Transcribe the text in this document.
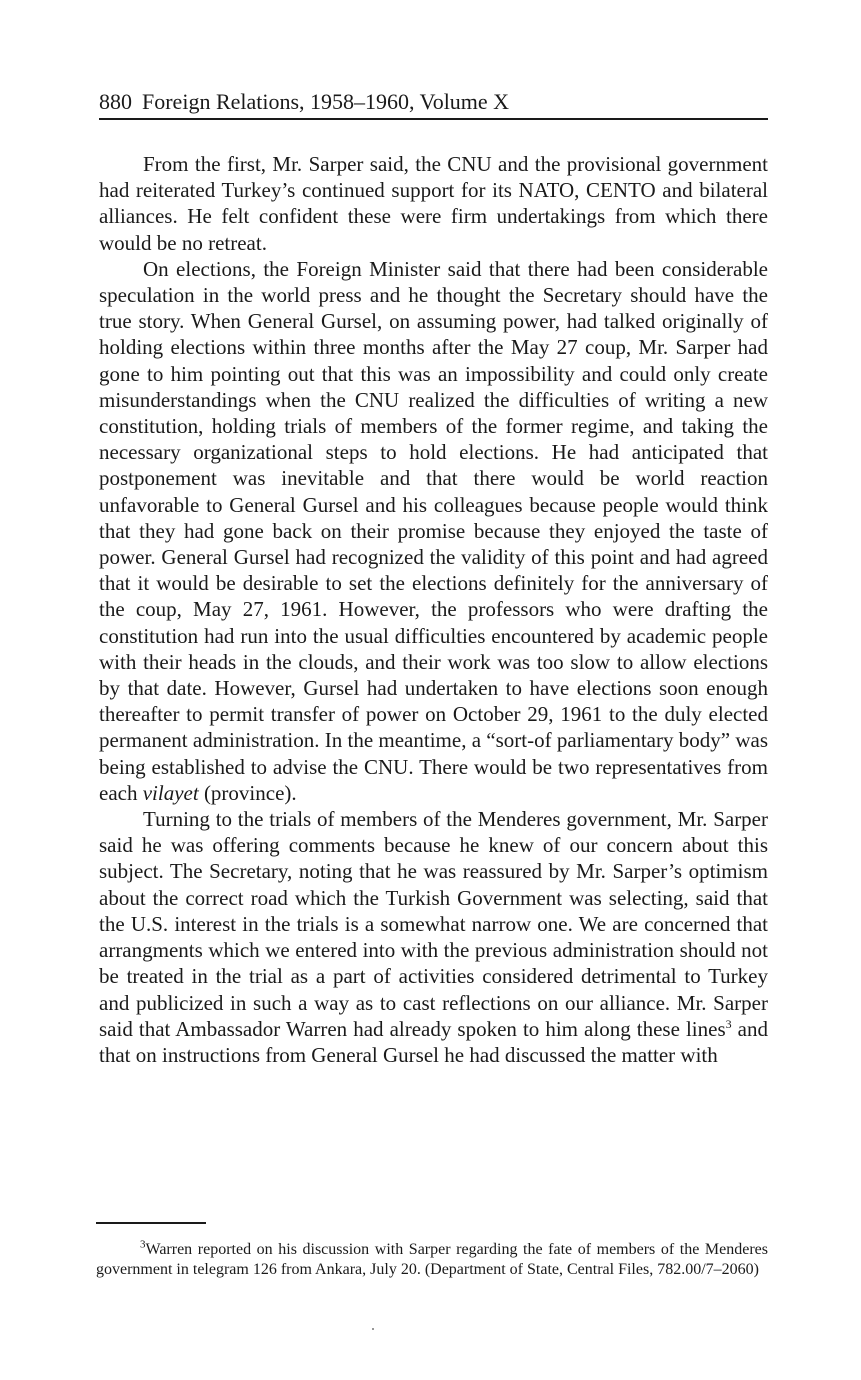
880 Foreign Relations, 1958–1960, Volume X

From the first, Mr. Sarper said, the CNU and the provisional government had reiterated Turkey’s continued support for its NATO, CENTO and bilateral alliances. He felt confident these were firm undertakings from which there would be no retreat.

On elections, the Foreign Minister said that there had been considerable speculation in the world press and he thought the Secretary should have the true story. When General Gursel, on assuming power, had talked originally of holding elections within three months after the May 27 coup, Mr. Sarper had gone to him pointing out that this was an impossibility and could only create misunderstandings when the CNU realized the difficulties of writing a new constitution, holding trials of members of the former regime, and taking the necessary organizational steps to hold elections. He had anticipated that postponement was inevitable and that there would be world reaction unfavorable to General Gursel and his colleagues because people would think that they had gone back on their promise because they enjoyed the taste of power. General Gursel had recognized the validity of this point and had agreed that it would be desirable to set the elections definitely for the anniversary of the coup, May 27, 1961. However, the professors who were drafting the constitution had run into the usual difficulties encountered by academic people with their heads in the clouds, and their work was too slow to allow elections by that date. However, Gursel had undertaken to have elections soon enough thereafter to permit transfer of power on October 29, 1961 to the duly elected permanent administration. In the meantime, a “sort-of parliamentary body” was being established to advise the CNU. There would be two representatives from each vilayet (province).

Turning to the trials of members of the Menderes government, Mr. Sarper said he was offering comments because he knew of our concern about this subject. The Secretary, noting that he was reassured by Mr. Sarper’s optimism about the correct road which the Turkish Government was selecting, said that the U.S. interest in the trials is a somewhat narrow one. We are concerned that arrangments which we entered into with the previous administration should not be treated in the trial as a part of activities considered detrimental to Turkey and publicized in such a way as to cast reflections on our alliance. Mr. Sarper said that Ambassador Warren had already spoken to him along these lines$^3$ and that on instructions from General Gursel he had discussed the matter with

$^3$Warren reported on his discussion with Sarper regarding the fate of members of the Menderes government in telegram 126 from Ankara, July 20. (Department of State, Central Files, 782.00/7–2060)
